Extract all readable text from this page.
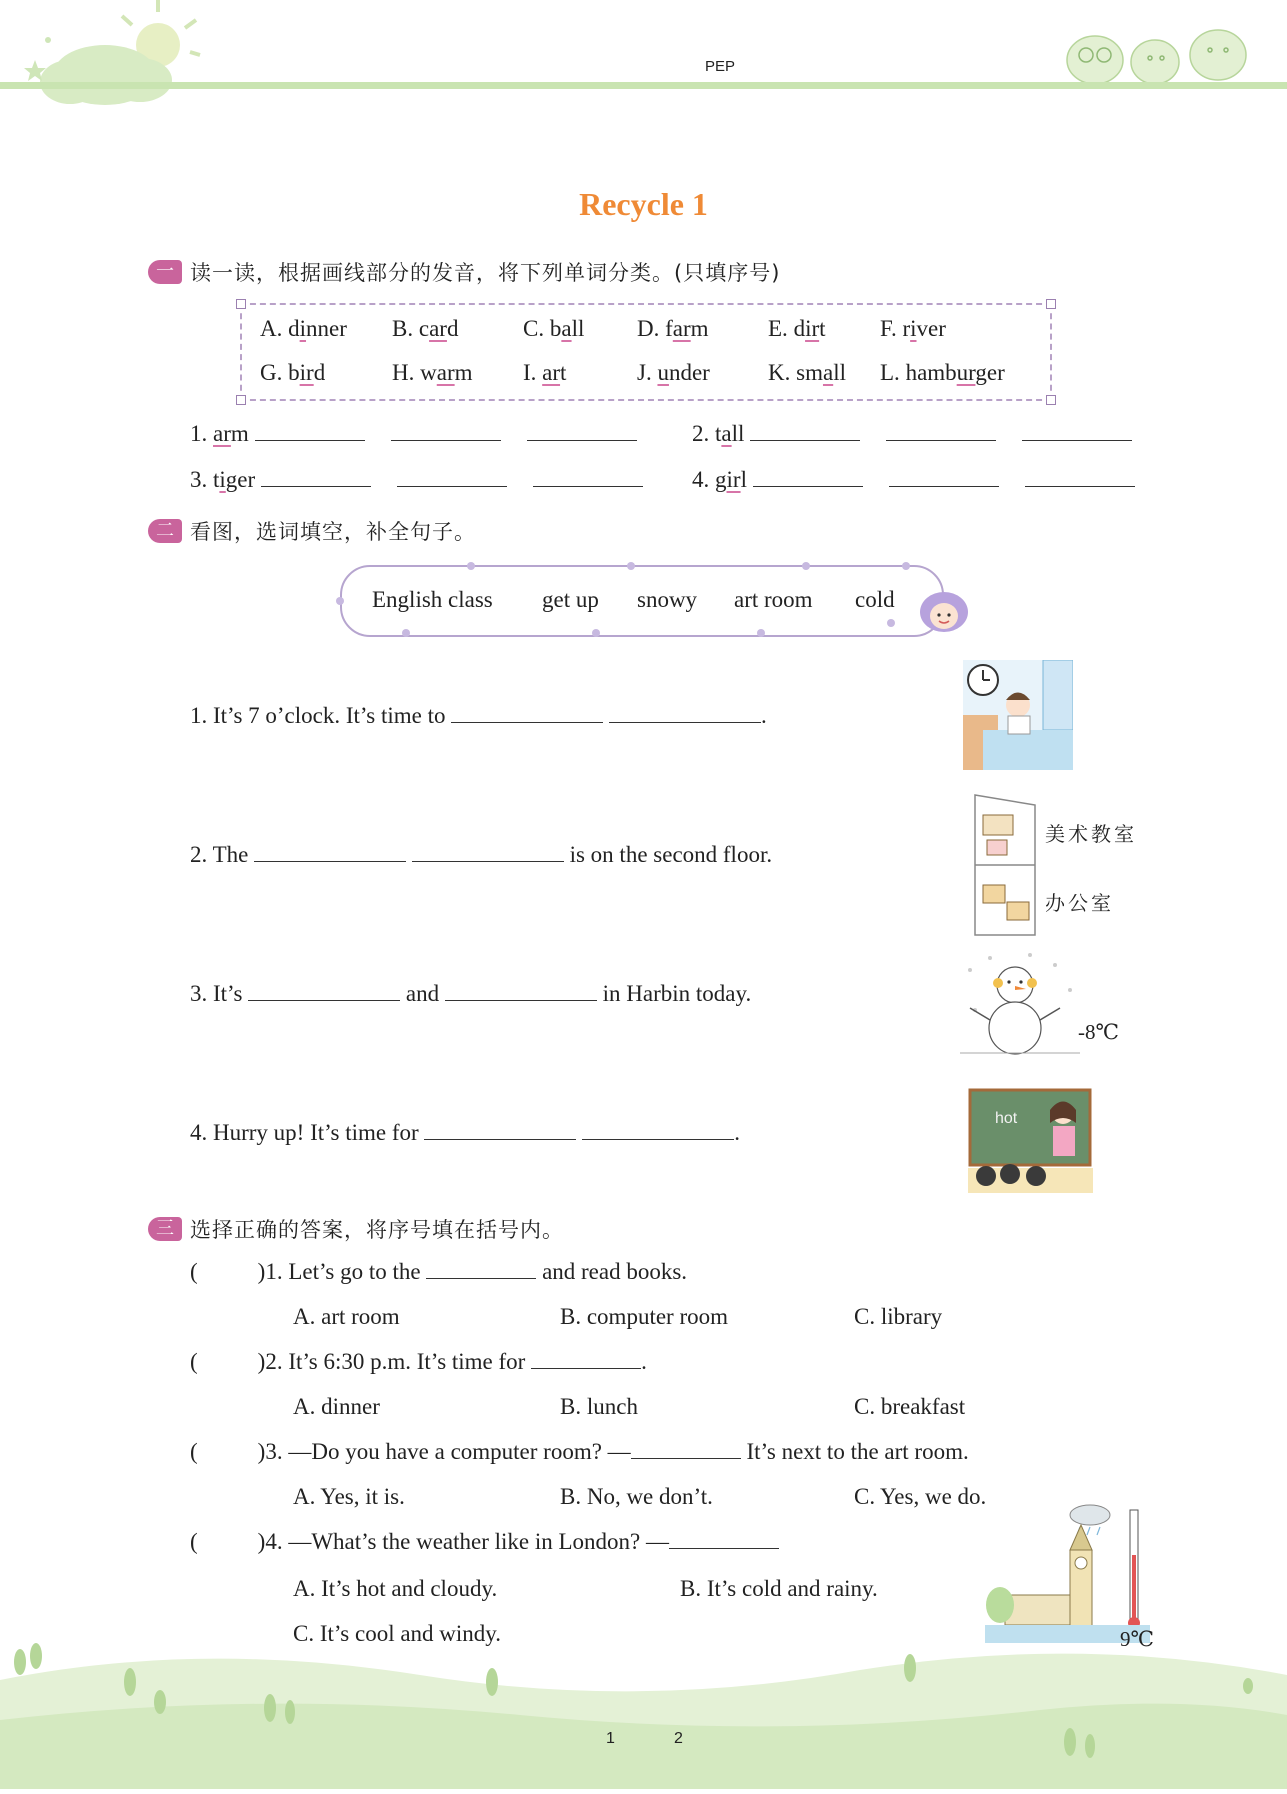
PEP
Recycle 1
一 读一读，根据画线部分的发音，将下列单词分类。(只填序号)
二 看图，选词填空，补全句子。
English class get up snowy art room cold
1. It’s 7 o’clock. It’s time to	.
2. The	is on the second floor.
美术教室
办公室
3. It’s	and	in Harbin today.
-8℃
4. Hurry up! It’s time for	.
hot
三 选择正确的答案，将序号填在括号内。
(	)1. Let’s go to the	and read books.
A. art room	B. computer room	C. library
(	)2. It’s 6:30 p.m. It’s time for	.
A. dinner	B. lunch	C. breakfast
(	)3. —Do you have a computer room? —	It’s next to the art room.
A. Yes, it is.	B. No, we don’t.	C. Yes, we do.
(	)4. —What’s the weather like in London? —
A. It’s hot and cloudy.	B. It’s cold and rainy.
C. It’s cool and windy.	9℃
1	2
A. dinner B. card	C. ball D. farm	E. dirt F. river
G. bird	H. warm I. art	J. under	K. small L. hamburger
1. arm	2. tall
3. tiger	4. girl
